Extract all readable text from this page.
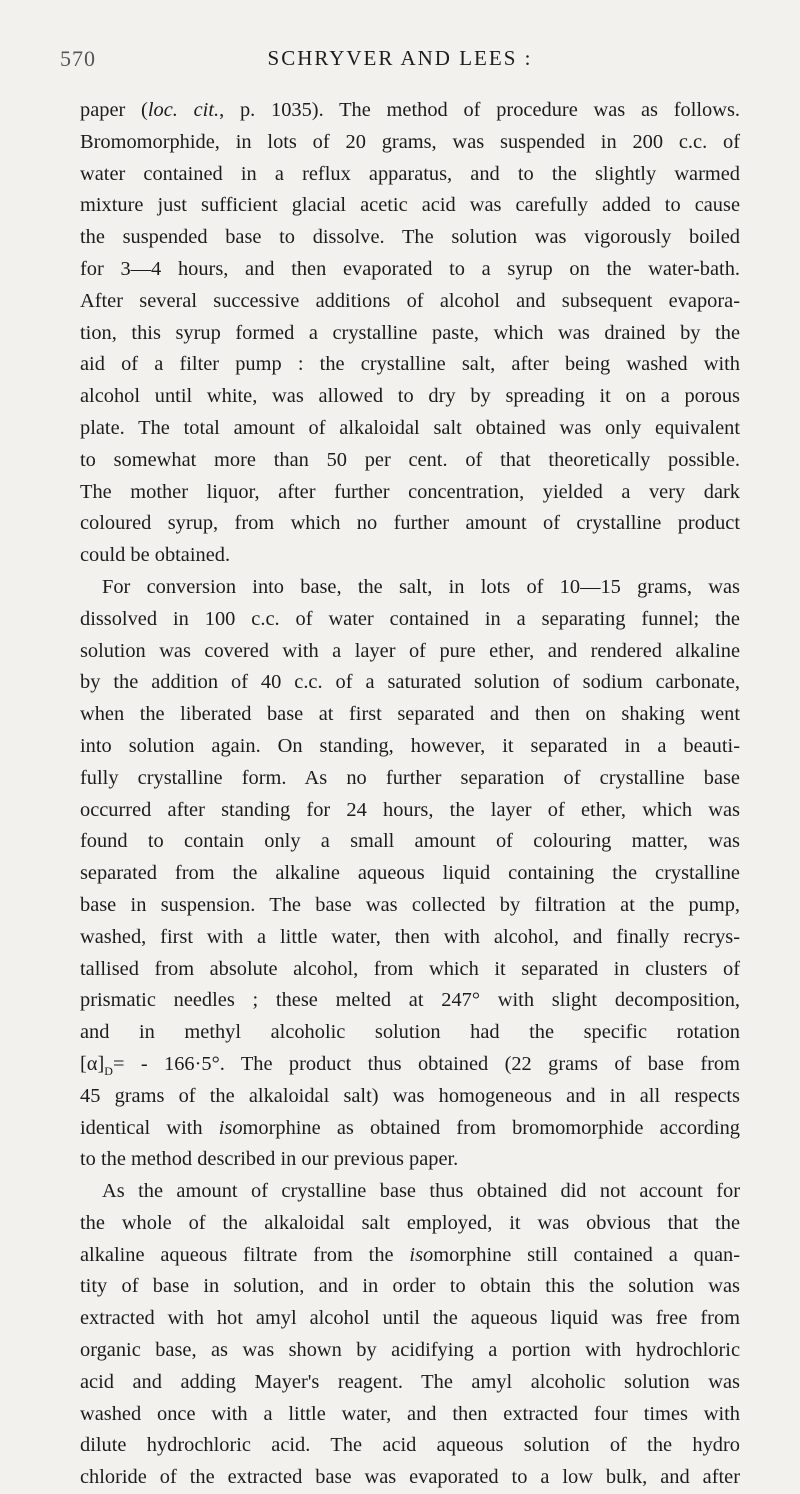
570	SCHRYVER AND LEES :
paper (loc. cit., p. 1035). The method of procedure was as follows.
Bromomorphide, in lots of 20 grams, was suspended in 200 c.c. of
water contained in a reflux apparatus, and to the slightly warmed
mixture just sufficient glacial acetic acid was carefully added to cause
the suspended base to dissolve. The solution was vigorously boiled
for 3—4 hours, and then evaporated to a syrup on the water-bath.
After several successive additions of alcohol and subsequent evapora-
tion, this syrup formed a crystalline paste, which was drained by the
aid of a filter pump : the crystalline salt, after being washed with
alcohol until white, was allowed to dry by spreading it on a porous
plate. The total amount of alkaloidal salt obtained was only equivalent
to somewhat more than 50 per cent. of that theoretically possible.
The mother liquor, after further concentration, yielded a very dark
coloured syrup, from which no further amount of crystalline product
could be obtained.
For conversion into base, the salt, in lots of 10—15 grams, was
dissolved in 100 c.c. of water contained in a separating funnel; the
solution was covered with a layer of pure ether, and rendered alkaline
by the addition of 40 c.c. of a saturated solution of sodium carbonate,
when the liberated base at first separated and then on shaking went
into solution again. On standing, however, it separated in a beauti-
fully crystalline form. As no further separation of crystalline base
occurred after standing for 24 hours, the layer of ether, which was
found to contain only a small amount of colouring matter, was
separated from the alkaline aqueous liquid containing the crystalline
base in suspension. The base was collected by filtration at the pump,
washed, first with a little water, then with alcohol, and finally recrys-
tallised from absolute alcohol, from which it separated in clusters of
prismatic needles ; these melted at 247° with slight decomposition,
and in methyl alcoholic solution had the specific rotation
$[\alpha]_D= - 166\cdot 5^\circ$. The product thus obtained (22 grams of base from
45 grams of the alkaloidal salt) was homogeneous and in all respects
identical with isomorphine as obtained from bromomorphide according
to the method described in our previous paper.
As the amount of crystalline base thus obtained did not account for
the whole of the alkaloidal salt employed, it was obvious that the
alkaline aqueous filtrate from the isomorphine still contained a quan-
tity of base in solution, and in order to obtain this the solution was
extracted with hot amyl alcohol until the aqueous liquid was free from
organic base, as was shown by acidifying a portion with hydrochloric
acid and adding Mayer's reagent. The amyl alcoholic solution was
washed once with a little water, and then extracted four times with
dilute hydrochloric acid. The acid aqueous solution of the hydro
chloride of the extracted base was evaporated to a low bulk, and after
